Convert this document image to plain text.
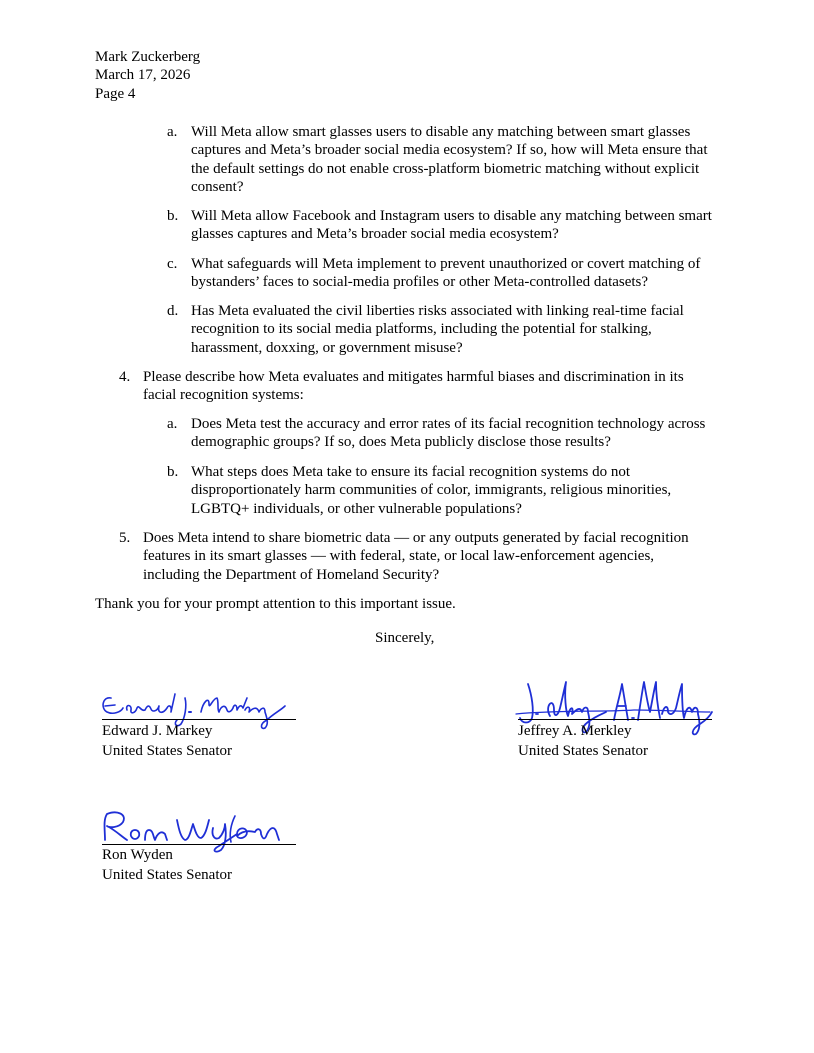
Mark Zuckerberg
March 17, 2026
Page 4
a. Will Meta allow smart glasses users to disable any matching between smart glasses captures and Meta’s broader social media ecosystem? If so, how will Meta ensure that the default settings do not enable cross-platform biometric matching without explicit consent?
b. Will Meta allow Facebook and Instagram users to disable any matching between smart glasses captures and Meta’s broader social media ecosystem?
c. What safeguards will Meta implement to prevent unauthorized or covert matching of bystanders’ faces to social-media profiles or other Meta-controlled datasets?
d. Has Meta evaluated the civil liberties risks associated with linking real-time facial recognition to its social media platforms, including the potential for stalking, harassment, doxxing, or government misuse?
4. Please describe how Meta evaluates and mitigates harmful biases and discrimination in its facial recognition systems:
a. Does Meta test the accuracy and error rates of its facial recognition technology across demographic groups? If so, does Meta publicly disclose those results?
b. What steps does Meta take to ensure its facial recognition systems do not disproportionately harm communities of color, immigrants, religious minorities, LGBTQ+ individuals, or other vulnerable populations?
5. Does Meta intend to share biometric data — or any outputs generated by facial recognition features in its smart glasses — with federal, state, or local law-enforcement agencies, including the Department of Homeland Security?
Thank you for your prompt attention to this important issue.
Sincerely,
Edward J. Markey
United States Senator
Jeffrey A. Merkley
United States Senator
Ron Wyden
United States Senator
